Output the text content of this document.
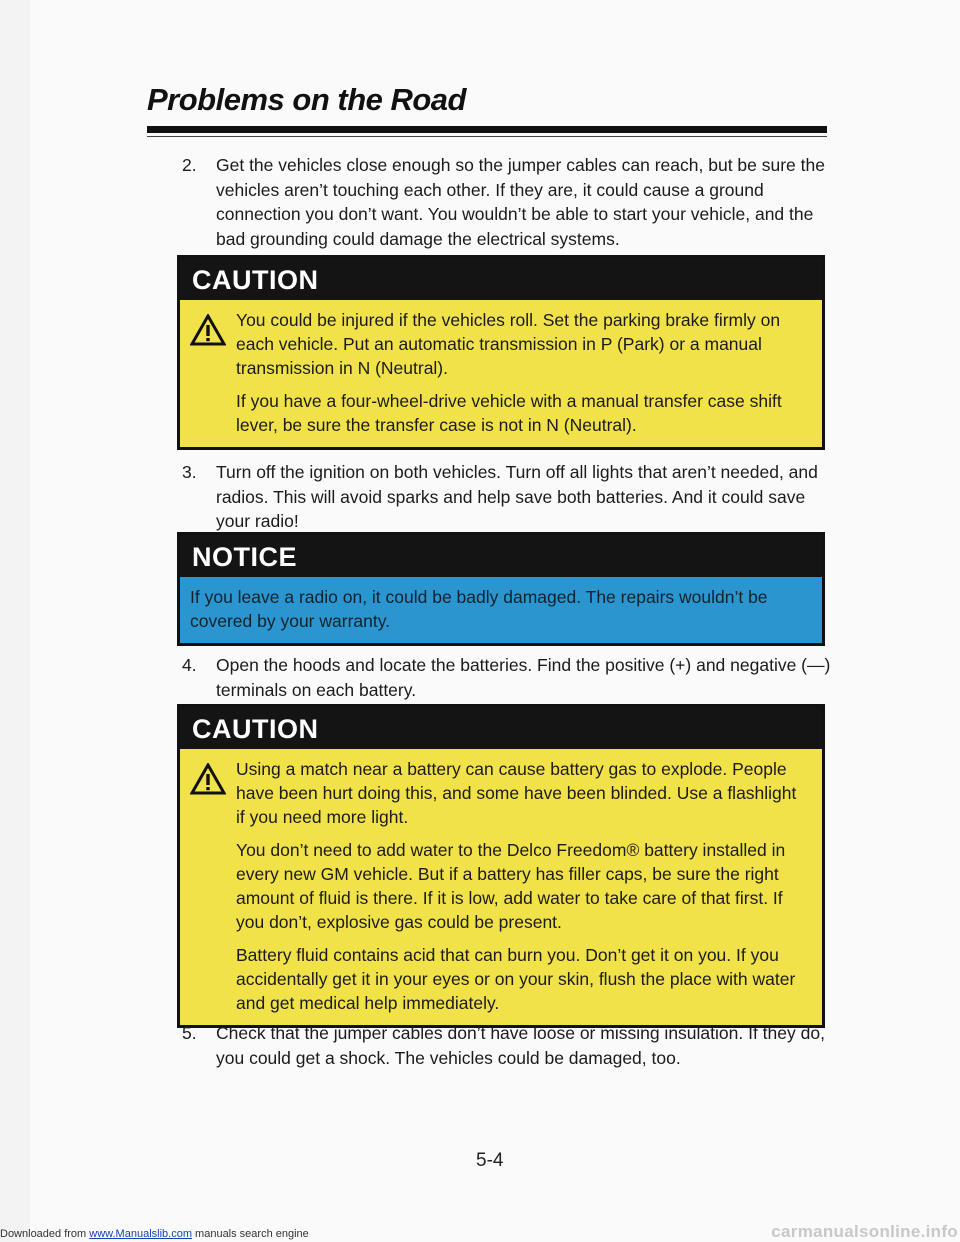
Problems on the Road
2. Get the vehicles close enough so the jumper cables can reach, but be sure the vehicles aren’t touching each other. If they are, it could cause a ground connection you don’t want. You wouldn’t be able to start your vehicle, and the bad grounding could damage the electrical systems.
CAUTION

You could be injured if the vehicles roll. Set the parking brake firmly on each vehicle. Put an automatic transmission in P (Park) or a manual transmission in N (Neutral).

If you have a four-wheel-drive vehicle with a manual transfer case shift lever, be sure the transfer case is not in N (Neutral).

3. Turn off the ignition on both vehicles. Turn off all lights that aren’t needed, and radios. This will avoid sparks and help save both batteries. And it could save your radio!
NOTICE

If you leave a radio on, it could be badly damaged. The repairs wouldn’t be covered by your warranty.

4. Open the hoods and locate the batteries. Find the positive (+) and negative (—) terminals on each battery.
CAUTION

Using a match near a battery can cause battery gas to explode. People have been hurt doing this, and some have been blinded. Use a flashlight if you need more light.

You don’t need to add water to the Delco Freedom® battery installed in every new GM vehicle. But if a battery has filler caps, be sure the right amount of fluid is there. If it is low, add water to take care of that first. If you don’t, explosive gas could be present.

Battery fluid contains acid that can burn you. Don’t get it on you. If you accidentally get it in your eyes or on your skin, flush the place with water and get medical help immediately.

5. Check that the jumper cables don’t have loose or missing insulation. If they do, you could get a shock. The vehicles could be damaged, too.
5-4
Downloaded from www.Manualslib.com manuals search engine	carmanualsonline.info
